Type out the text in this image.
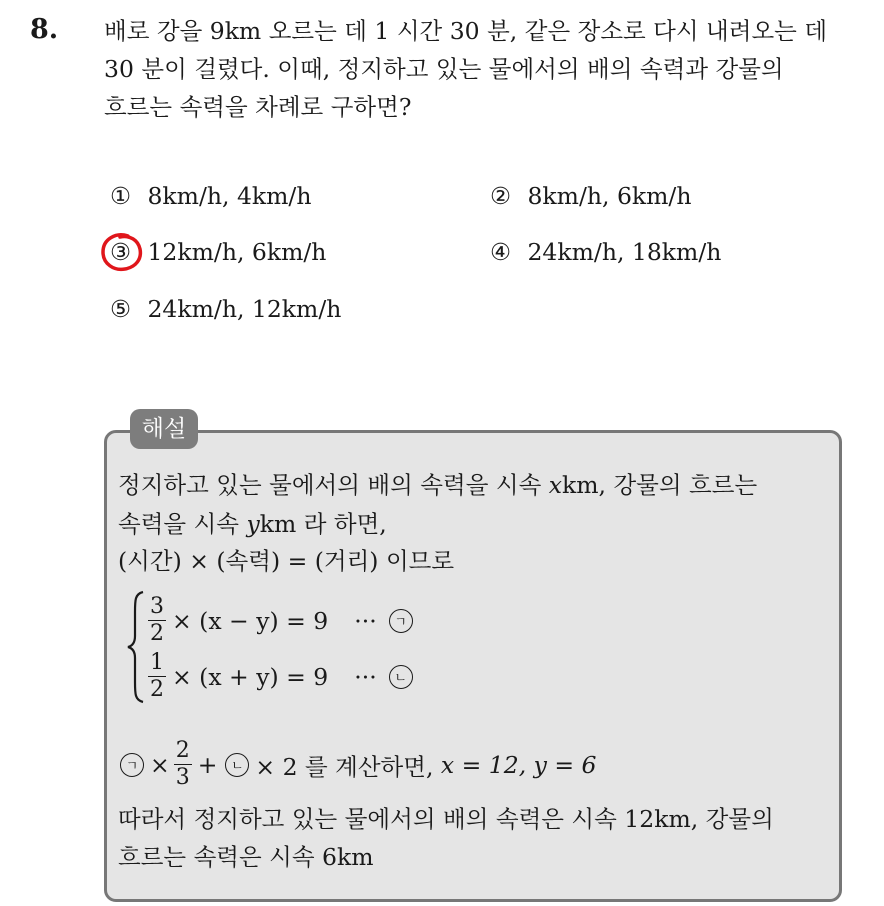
8. 배로 강을 9km 오르는 데 1 시간 30 분, 같은 장소로 다시 내려오는 데
30 분이 걸렸다. 이때, 정지하고 있는 물에서의 배의 속력과 강물의
흐르는 속력을 차례로 구하면?
① 8km/h, 4km/h	② 8km/h, 6km/h
③ 12km/h, 6km/h	④ 24km/h, 18km/h
⑤ 24km/h, 12km/h
해설
정지하고 있는 물에서의 배의 속력을 시속 xkm, 강물의 흐르는
속력을 시속 ykm 라 하면,
(시간) × (속력) = (거리) 이므로
$\frac{3}{2} \times (x - y) = 9$ ···	ㄱ
$\frac{1}{2} \times (x + y) = 9$ ···	ㄴ
ㄱ × $\frac{2}{3}$ +	ㄴ × 2 를 계산하면, x = 12, y = 6
따라서 정지하고 있는 물에서의 배의 속력은 시속 12km, 강물의
흐르는 속력은 시속 6km
